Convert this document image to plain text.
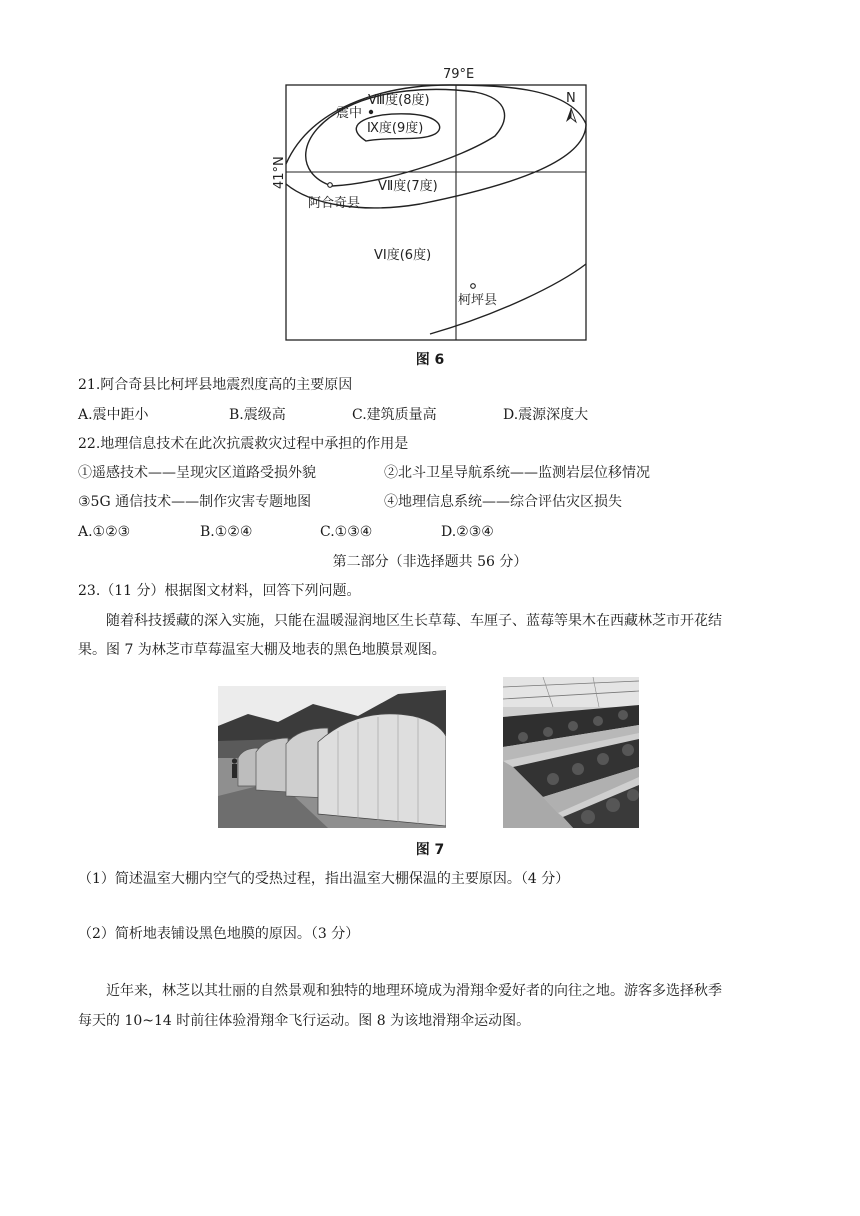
79°E
N
41°N
Ⅷ度(8度)
震中
Ⅸ度(9度)
ⅤⅡ度(7度)
阿合奇县
ⅤⅠ度(6度)
柯坪县
图 6
21.阿合奇县比柯坪县地震烈度高的主要原因
A.震中距小	B.震级高	C.建筑质量高	D.震源深度大
22.地理信息技术在此次抗震救灾过程中承担的作用是
①遥感技术——呈现灾区道路受损外貌	②北斗卫星导航系统——监测岩层位移情况
③5G 通信技术——制作灾害专题地图	④地理信息系统——综合评估灾区损失
A.①②③	B.①②④	C.①③④	D.②③④
第二部分（非选择题共 56 分）
23.（11 分）根据图文材料，回答下列问题。
随着科技援藏的深入实施，只能在温暖湿润地区生长草莓、车厘子、蓝莓等果木在西藏林芝市开花结
果。图 7 为林芝市草莓温室大棚及地表的黑色地膜景观图。
图 7
（1）简述温室大棚内空气的受热过程，指出温室大棚保温的主要原因。（4 分）
（2）简析地表铺设黑色地膜的原因。（3 分）
近年来，林芝以其壮丽的自然景观和独特的地理环境成为滑翔伞爱好者的向往之地。游客多选择秋季
每天的 10~14 时前往体验滑翔伞飞行运动。图 8 为该地滑翔伞运动图。
